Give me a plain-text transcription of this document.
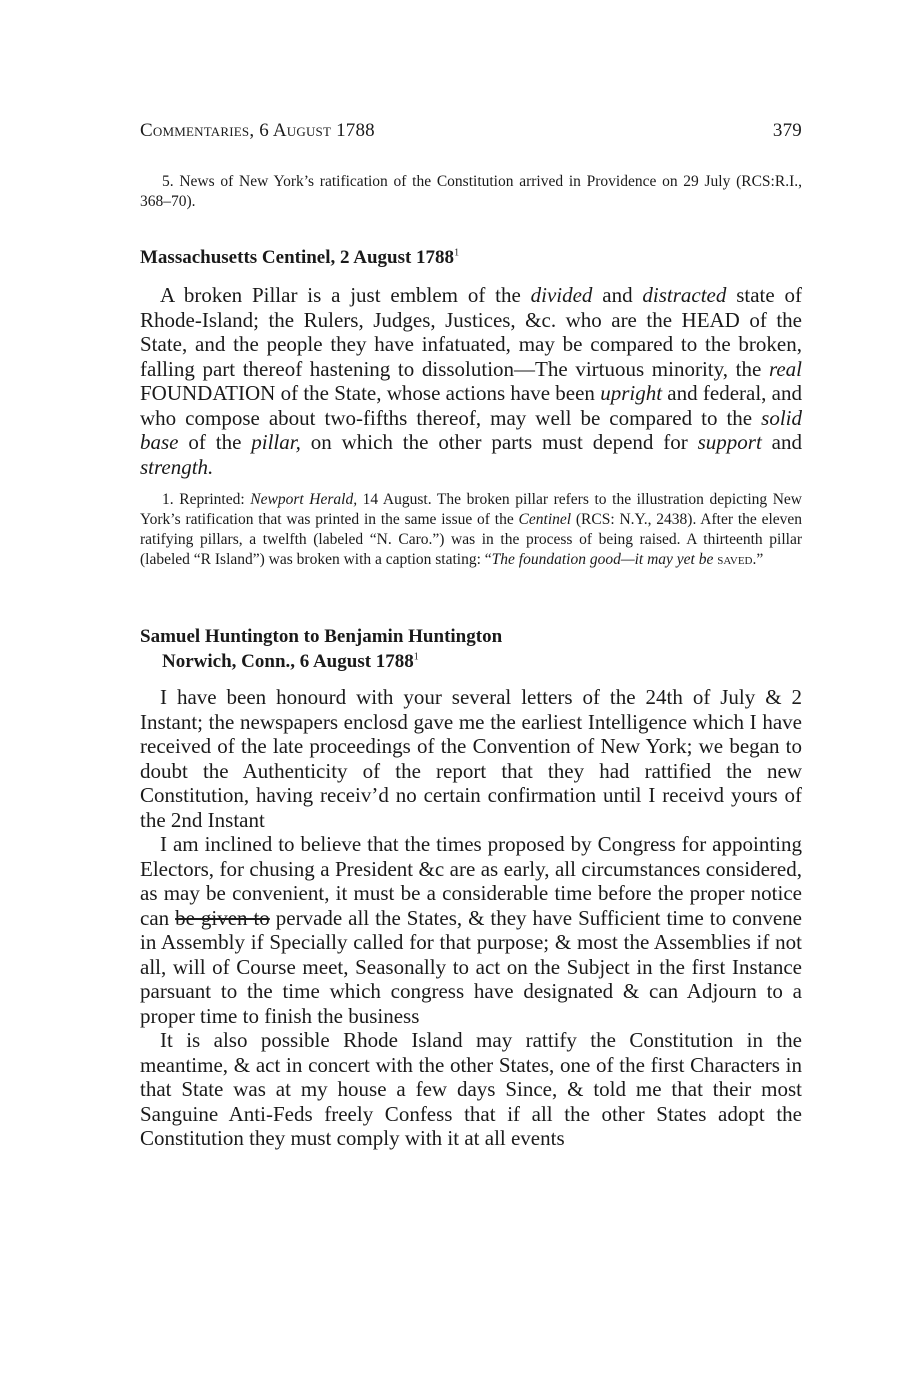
Commentaries, 6 August 1788	379
5. News of New York’s ratification of the Constitution arrived in Providence on 29 July (RCS:R.I., 368–70).
Massachusetts Centinel, 2 August 1788$^1$

A broken Pillar is a just emblem of the divided and distracted state of Rhode-Island; the Rulers, Judges, Justices, &c. who are the HEAD of the State, and the people they have infatuated, may be compared to the broken, falling part thereof hastening to dissolution—The virtuous minority, the real FOUNDATION of the State, whose actions have been upright and federal, and who compose about two-fifths thereof, may well be compared to the solid base of the pillar, on which the other parts must depend for support and strength.

1. Reprinted: Newport Herald, 14 August. The broken pillar refers to the illustration depicting New York’s ratification that was printed in the same issue of the Centinel (RCS: N.Y., 2438). After the eleven ratifying pillars, a twelfth (labeled “N. Caro.”) was in the process of being raised. A thirteenth pillar (labeled “R Island”) was broken with a caption stating: “The foundation good—it may yet be saved.”
Samuel Huntington to Benjamin Huntington
Norwich, Conn., 6 August 1788$^1$

I have been honourd with your several letters of the 24th of July & 2 Instant; the newspapers enclosd gave me the earliest Intelligence which I have received of the late proceedings of the Convention of New York; we began to doubt the Authenticity of the report that they had rattified the new Constitution, having receiv’d no certain confirmation until I receivd yours of the 2nd Instant

I am inclined to believe that the times proposed by Congress for appointing Electors, for chusing a President &c are as early, all circumstances considered, as may be convenient, it must be a considerable time before the proper notice can be given to pervade all the States, & they have Sufficient time to convene in Assembly if Specially called for that purpose; & most the Assemblies if not all, will of Course meet, Seasonally to act on the Subject in the first Instance parsuant to the time which congress have designated & can Adjourn to a proper time to finish the business

It is also possible Rhode Island may rattify the Constitution in the meantime, & act in concert with the other States, one of the first Characters in that State was at my house a few days Since, & told me that their most Sanguine Anti-Feds freely Confess that if all the other States adopt the Constitution they must comply with it at all events
